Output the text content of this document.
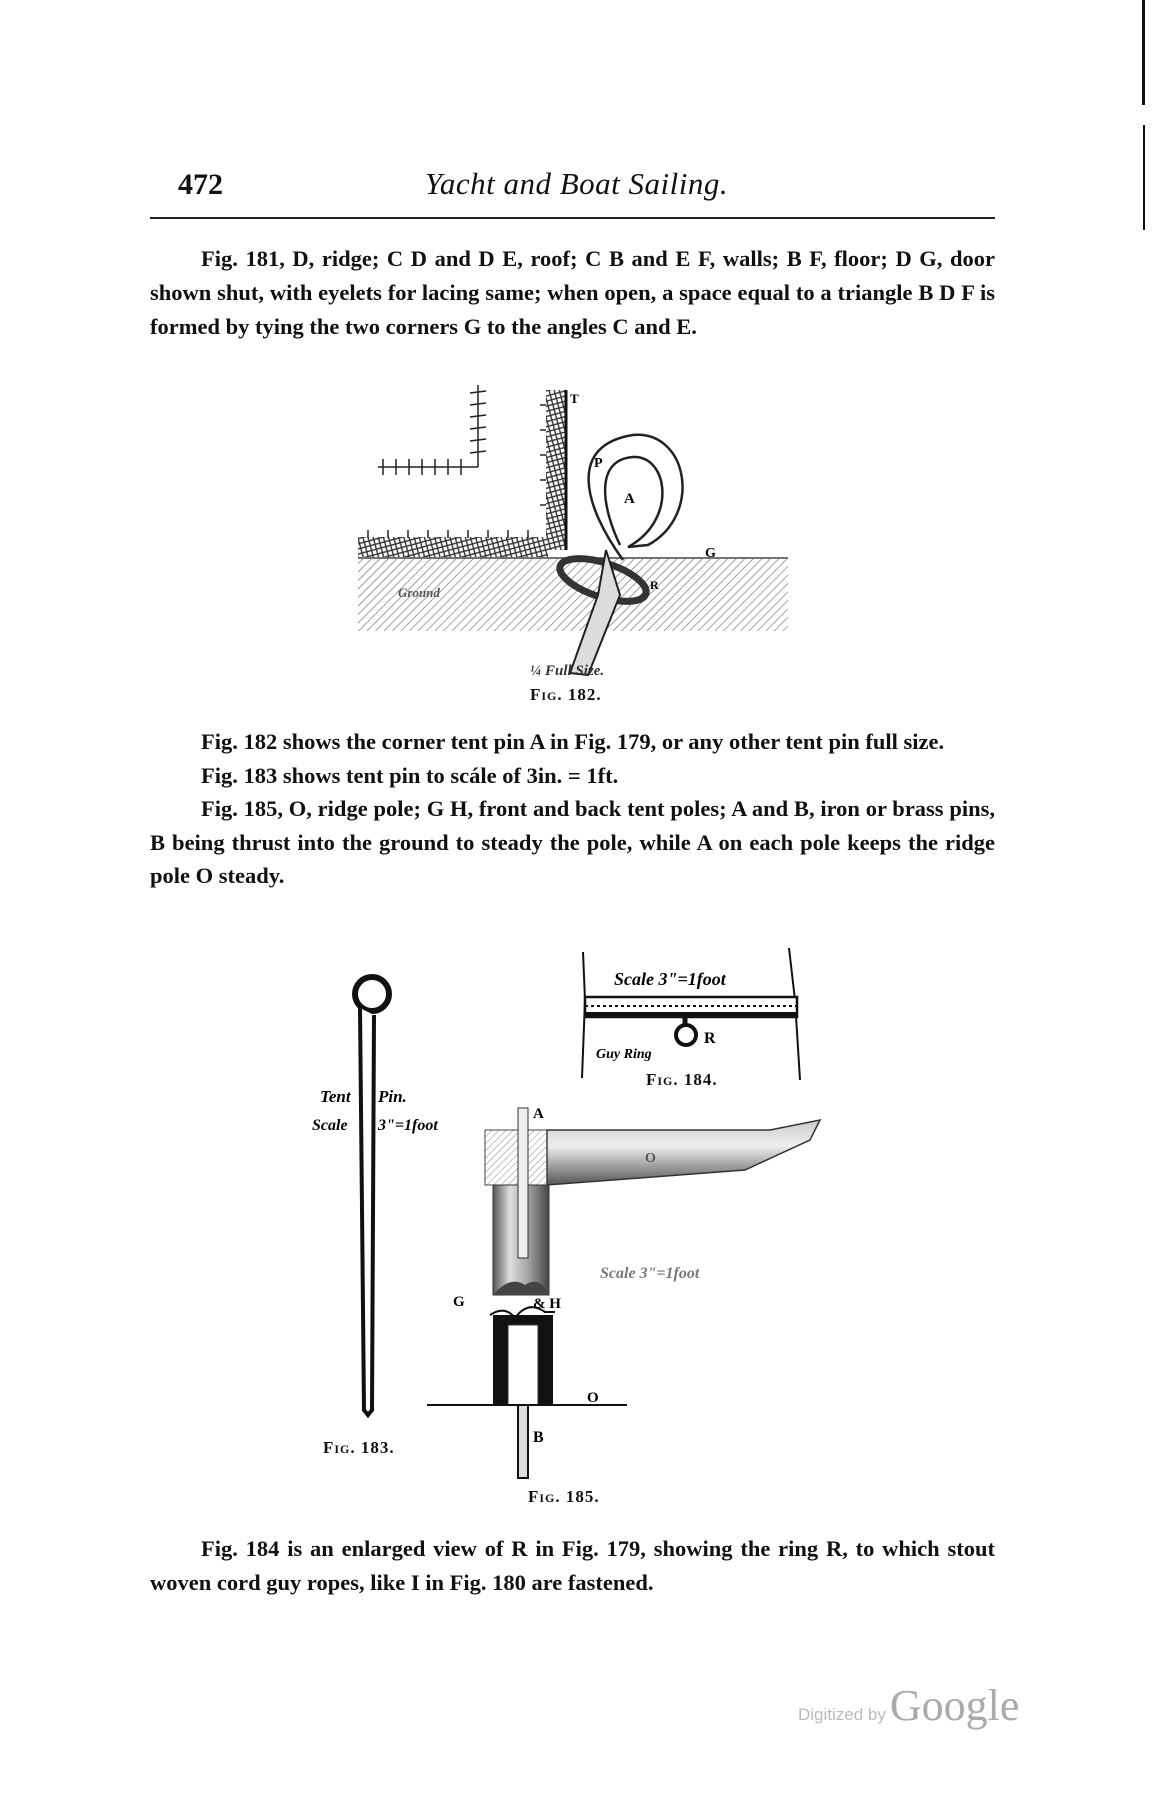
472	Yacht and Boat Sailing.

Fig. 181, D, ridge; C D and D E, roof; C B and E F, walls; B F, floor; D G, door shown shut, with eyelets for lacing same; when open, a space equal to a triangle B D F is formed by tying the two corners G to the angles C and E.

T
P
A
G
R
Ground
¼ Full Size.
Fig. 182.

Fig. 182 shows the corner tent pin A in Fig. 179, or any other tent pin full size.

Fig. 183 shows tent pin to scále of 3in. = 1ft.

Fig. 185, O, ridge pole; G H, front and back tent poles; A and B, iron or brass pins, B being thrust into the ground to steady the pole, while A on each pole keeps the ridge pole O steady.

Tent Pin.
Scale 3"=1foot
Scale 3"=1foot
R
Guy Ring
A
O
Scale 3"=1foot
G	& H
O
B
Fig. 184.
Fig. 183.
Fig. 185.

Fig. 184 is an enlarged view of R in Fig. 179, showing the ring R, to which stout woven cord guy ropes, like I in Fig. 180 are fastened.

Digitized by Google
